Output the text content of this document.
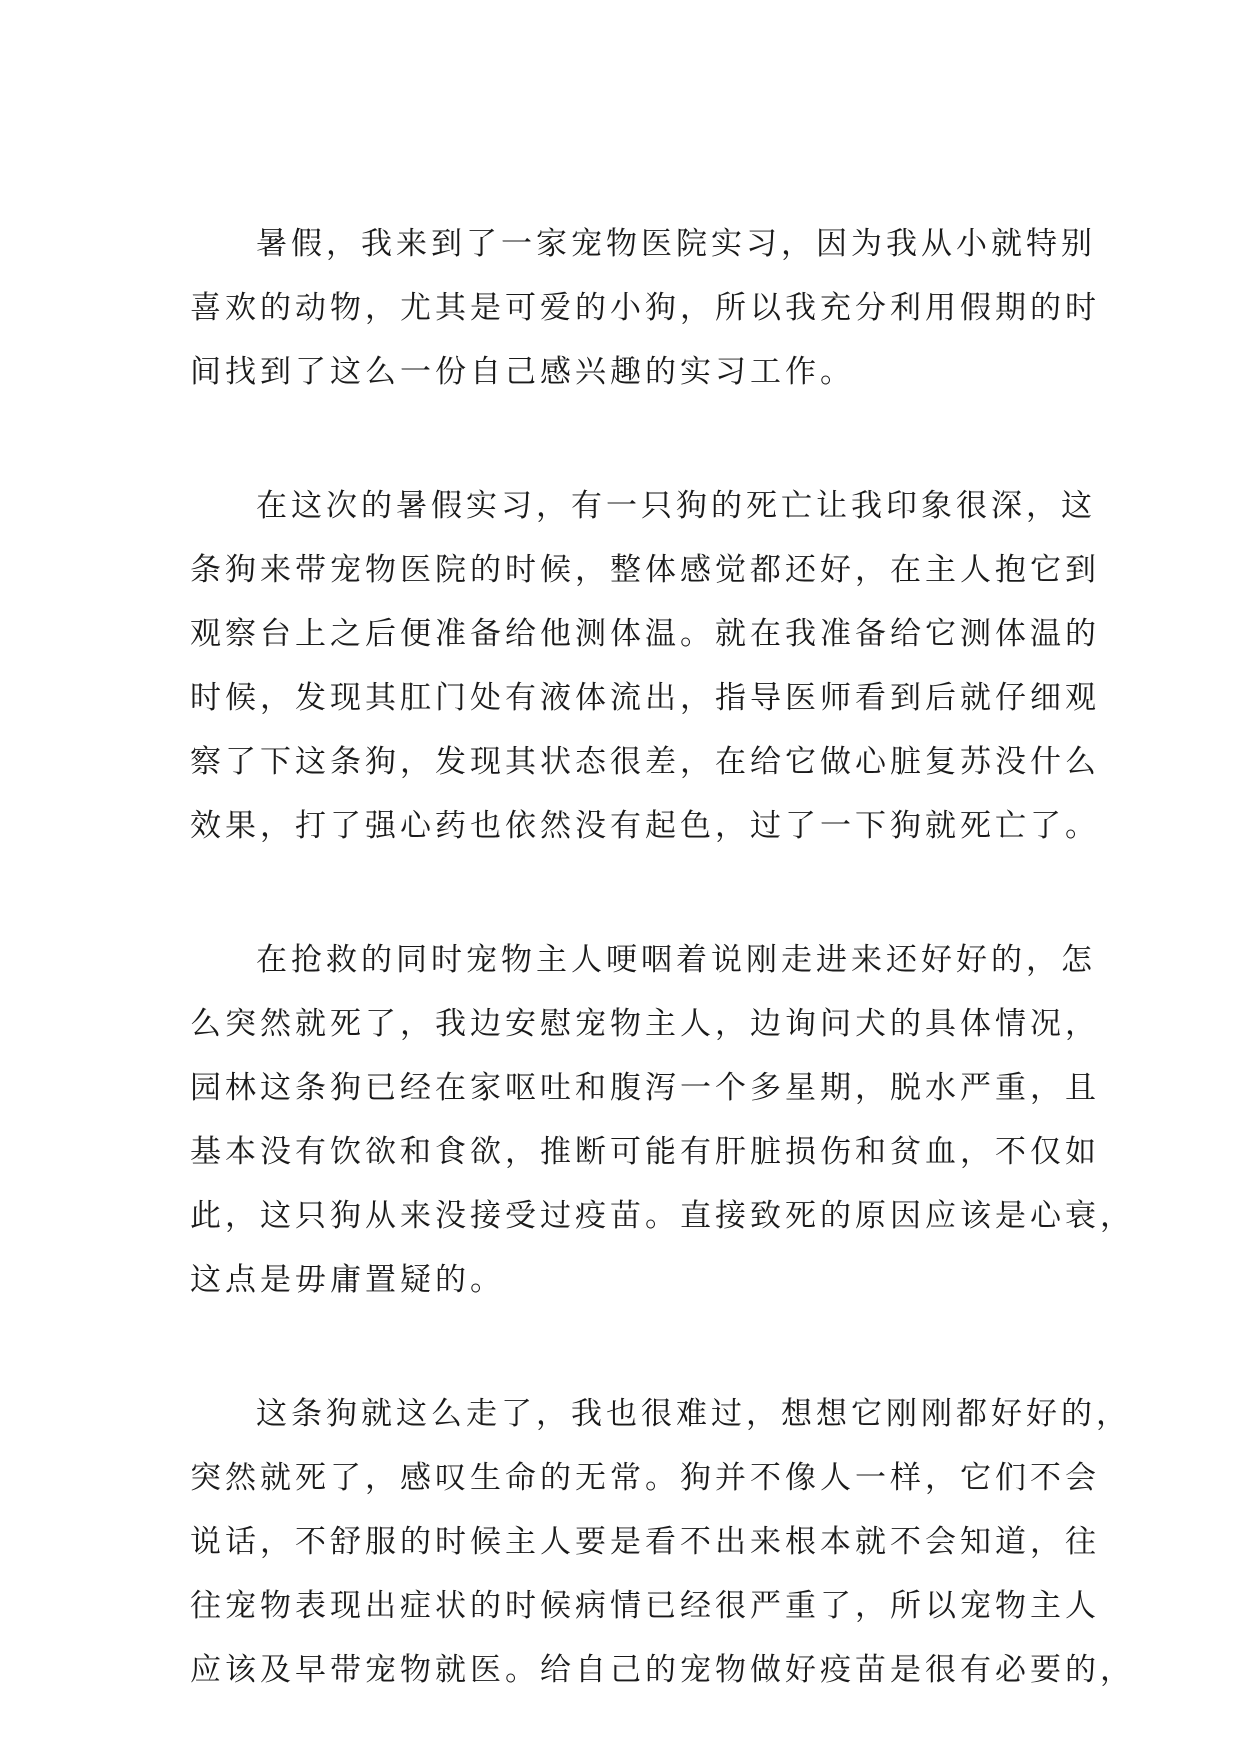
暑假，我来到了一家宠物医院实习，因为我从小就特别
喜欢的动物，尤其是可爱的小狗，所以我充分利用假期的时
间找到了这么一份自己感兴趣的实习工作。
在这次的暑假实习，有一只狗的死亡让我印象很深，这
条狗来带宠物医院的时候，整体感觉都还好，在主人抱它到
观察台上之后便准备给他测体温。就在我准备给它测体温的
时候，发现其肛门处有液体流出，指导医师看到后就仔细观
察了下这条狗，发现其状态很差，在给它做心脏复苏没什么
效果，打了强心药也依然没有起色，过了一下狗就死亡了。
在抢救的同时宠物主人哽咽着说刚走进来还好好的，怎
么突然就死了，我边安慰宠物主人，边询问犬的具体情况，
园林这条狗已经在家呕吐和腹泻一个多星期，脱水严重，且
基本没有饮欲和食欲，推断可能有肝脏损伤和贫血，不仅如
此，这只狗从来没接受过疫苗。直接致死的原因应该是心衰，
这点是毋庸置疑的。
这条狗就这么走了，我也很难过，想想它刚刚都好好的，
突然就死了，感叹生命的无常。狗并不像人一样，它们不会
说话，不舒服的时候主人要是看不出来根本就不会知道，往
往宠物表现出症状的时候病情已经很严重了，所以宠物主人
应该及早带宠物就医。给自己的宠物做好疫苗是很有必要的，
